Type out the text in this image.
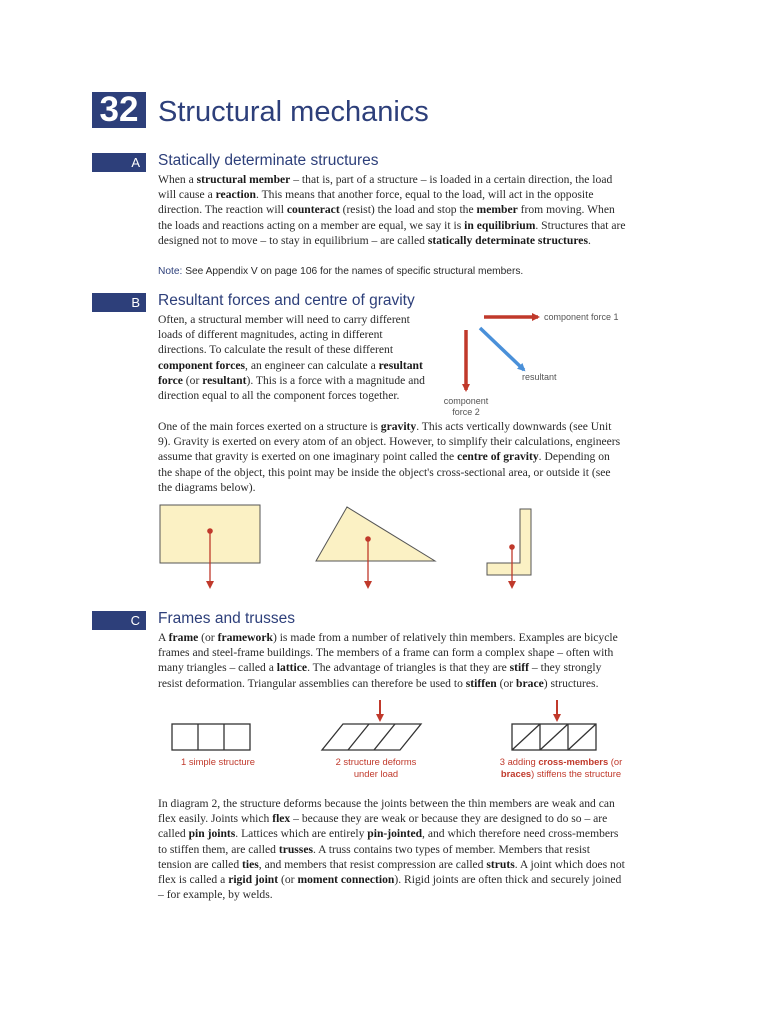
32 Structural mechanics
A	Statically determinate structures
When a structural member – that is, part of a structure – is loaded in a certain direction, the load will cause a reaction. This means that another force, equal to the load, will act in the opposite direction. The reaction will counteract (resist) the load and stop the member from moving. When the loads and reactions acting on a member are equal, we say it is in equilibrium. Structures that are designed not to move – to stay in equilibrium – are called statically determinate structures.
Note: See Appendix V on page 106 for the names of specific structural members.
B	Resultant forces and centre of gravity
Often, a structural member will need to carry different loads of different magnitudes, acting in different directions. To calculate the result of these different component forces, an engineer can calculate a resultant force (or resultant). This is a force with a magnitude and direction equal to all the component forces together.
component force 1
resultant
component
force 2
One of the main forces exerted on a structure is gravity. This acts vertically downwards (see Unit 9). Gravity is exerted on every atom of an object. However, to simplify their calculations, engineers assume that gravity is exerted on one imaginary point called the centre of gravity. Depending on the shape of the object, this point may be inside the object's cross-sectional area, or outside it (see the diagrams below).
C	Frames and trusses
A frame (or framework) is made from a number of relatively thin members. Examples are bicycle frames and steel-frame buildings. The members of a frame can form a complex shape – often with many triangles – called a lattice. The advantage of triangles is that they are stiff – they strongly resist deformation. Triangular assemblies can therefore be used to stiffen (or brace) structures.
1 simple structure	2 structure deforms
under load
3 adding cross-members (or
braces) stiffens the structure
In diagram 2, the structure deforms because the joints between the thin members are weak and can flex easily. Joints which flex – because they are weak or because they are designed to do so – are called pin joints. Lattices which are entirely pin-jointed, and which therefore need cross-members to stiffen them, are called trusses. A truss contains two types of member. Members that resist tension are called ties, and members that resist compression are called struts. A joint which does not flex is called a rigid joint (or moment connection). Rigid joints are often thick and securely joined – for example, by welds.
